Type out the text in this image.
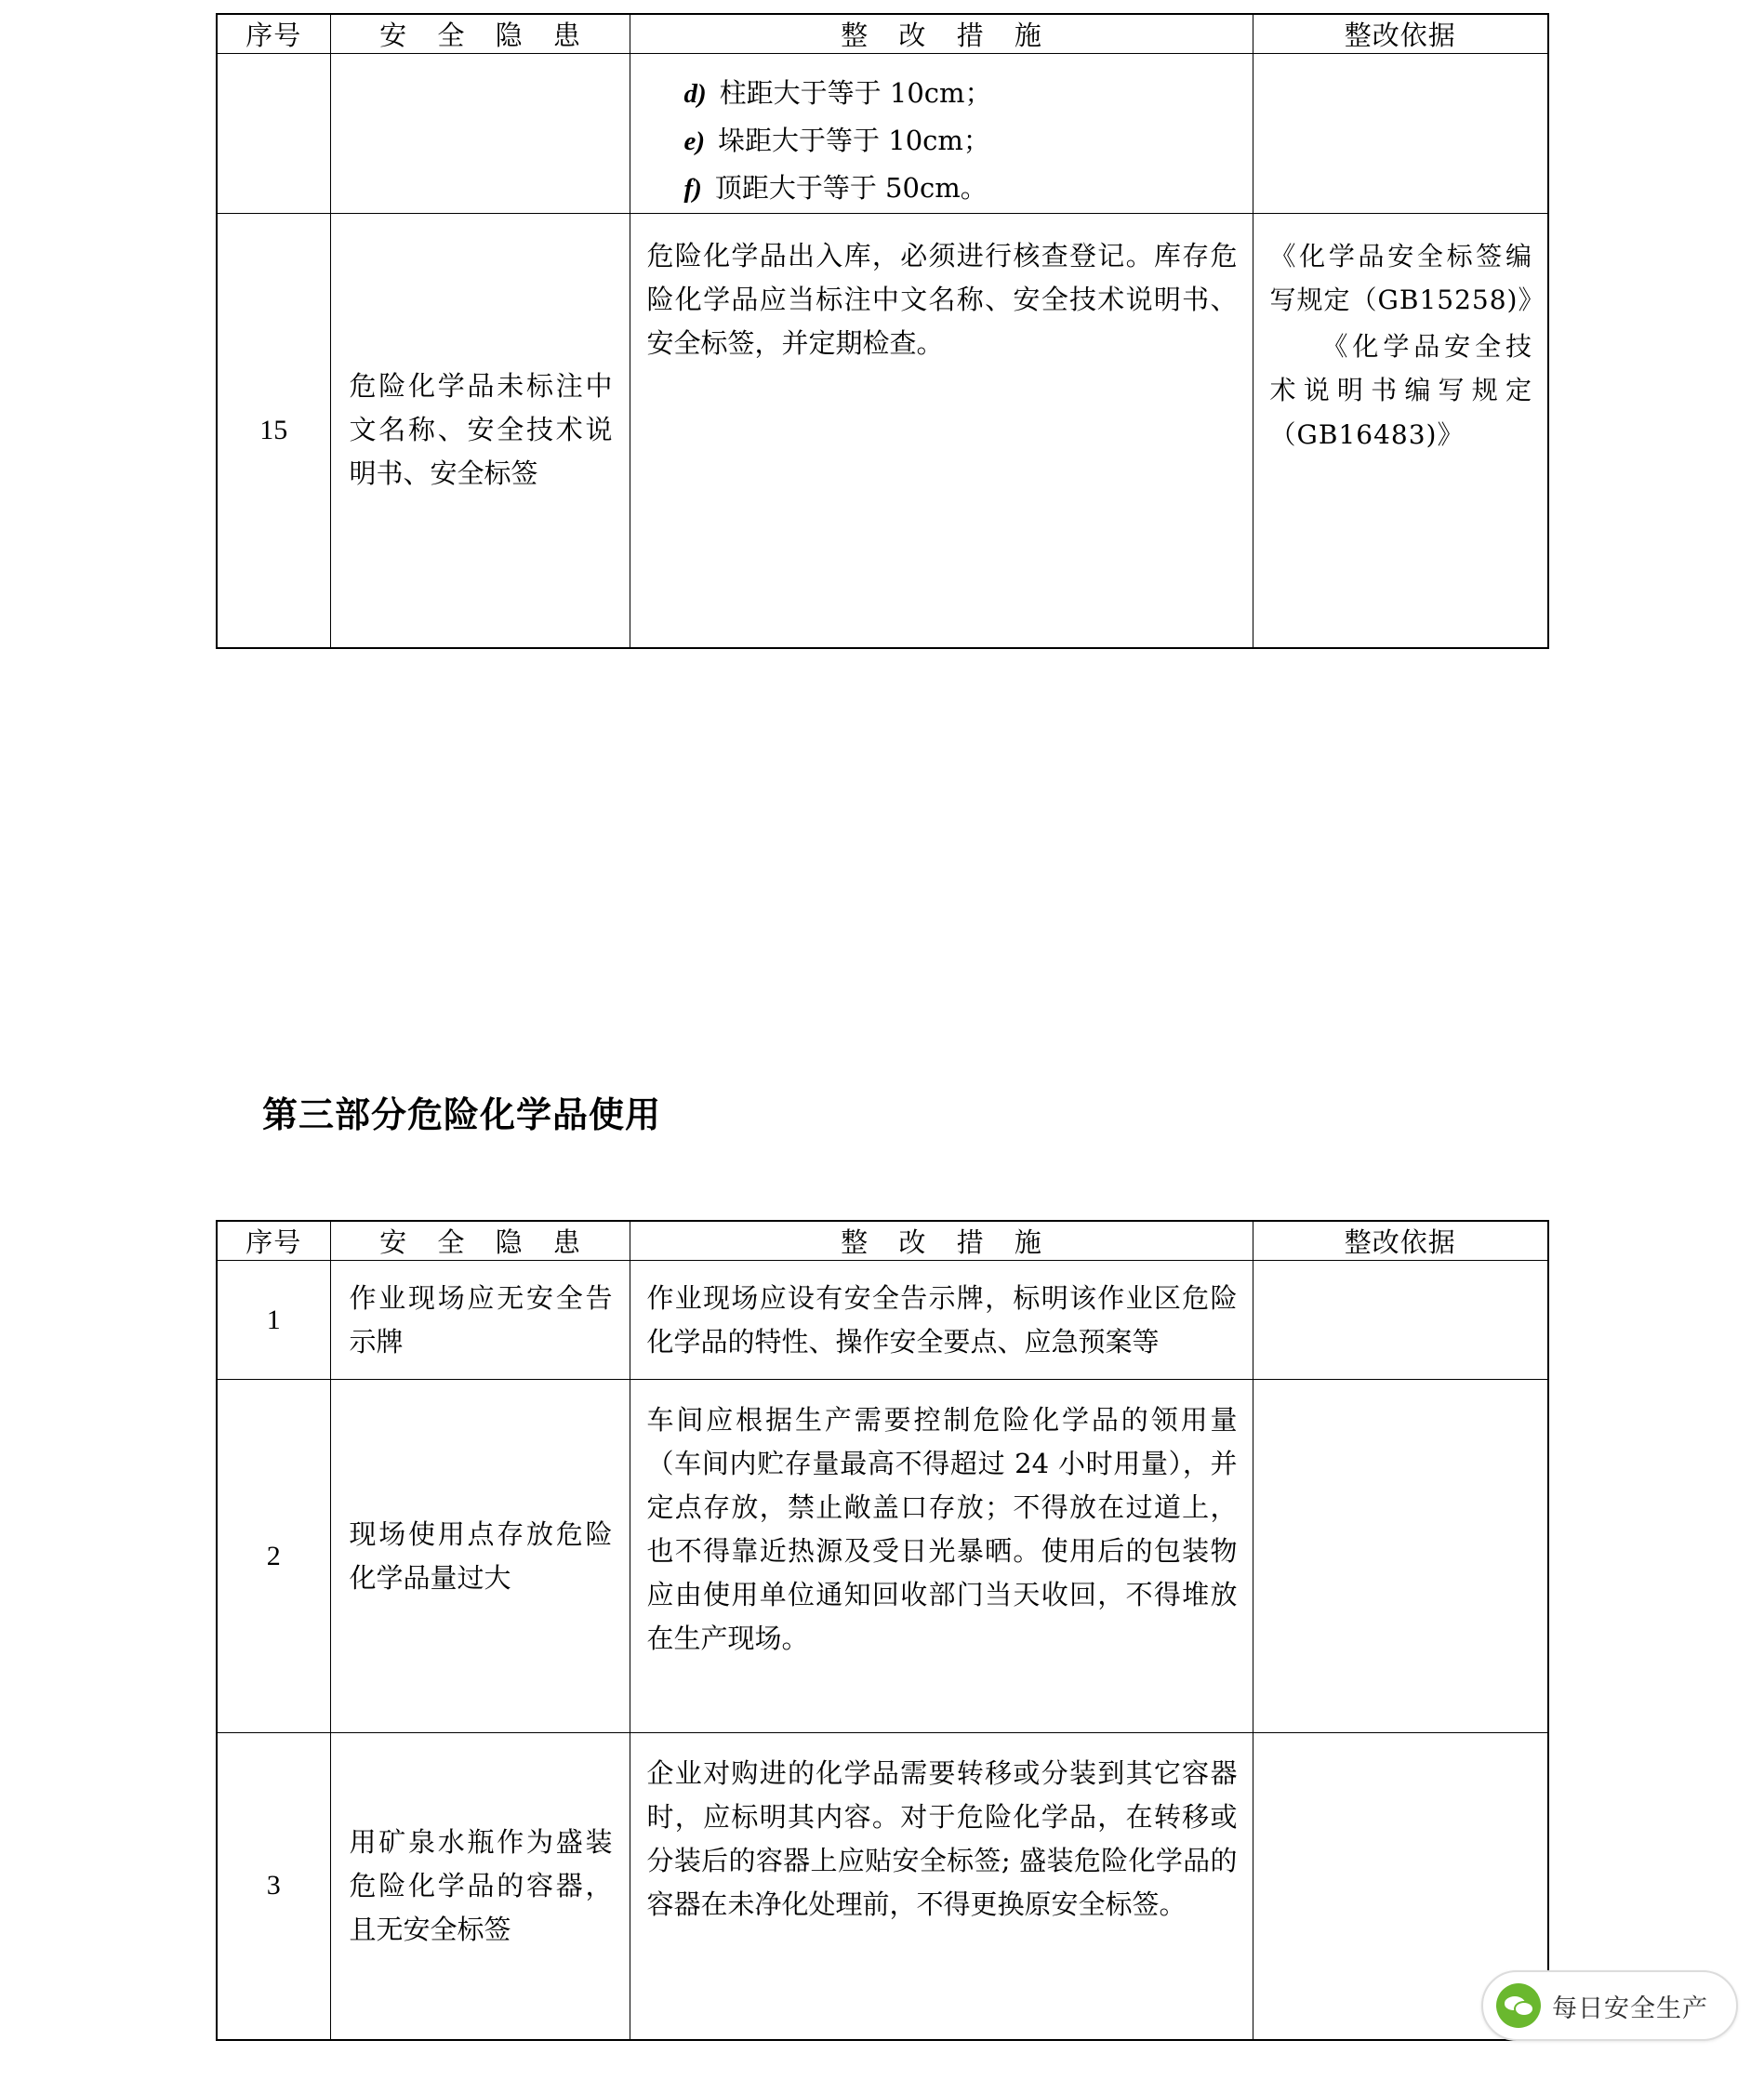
序号	安 全 隐 患	整 改 措 施	整改依据

		d) 柱距大于等于 10cm；
e) 垛距大于等于 10cm；
f) 顶距大于等于 50cm。	

15	危险化学品未标注中文名称、安全技术说明书、安全标签	危险化学品出入库，必须进行核查登记。库存危险化学品应当标注中文名称、安全技术说明书、安全标签，并定期检查。	《化学品安全标签编写规定（GB15258)》
《化学品安全技术说明书编写规定（GB16483)》
第三部分危险化学品使用
序号	安 全 隐 患	整 改 措 施	整改依据
1	作业现场应无安全告示牌	作业现场应设有安全告示牌，标明该作业区危险化学品的特性、操作安全要点、应急预案等	
2	现场使用点存放危险化学品量过大	车间应根据生产需要控制危险化学品的领用量（车间内贮存量最高不得超过 24 小时用量），并定点存放，禁止敞盖口存放；不得放在过道上，也不得靠近热源及受日光暴晒。使用后的包装物应由使用单位通知回收部门当天收回，不得堆放在生产现场。	
3	用矿泉水瓶作为盛装危险化学品的容器，且无安全标签	企业对购进的化学品需要转移或分装到其它容器时，应标明其内容。对于危险化学品，在转移或分装后的容器上应贴安全标签; 盛装危险化学品的容器在未净化处理前，不得更换原安全标签。	
每日安全生产
